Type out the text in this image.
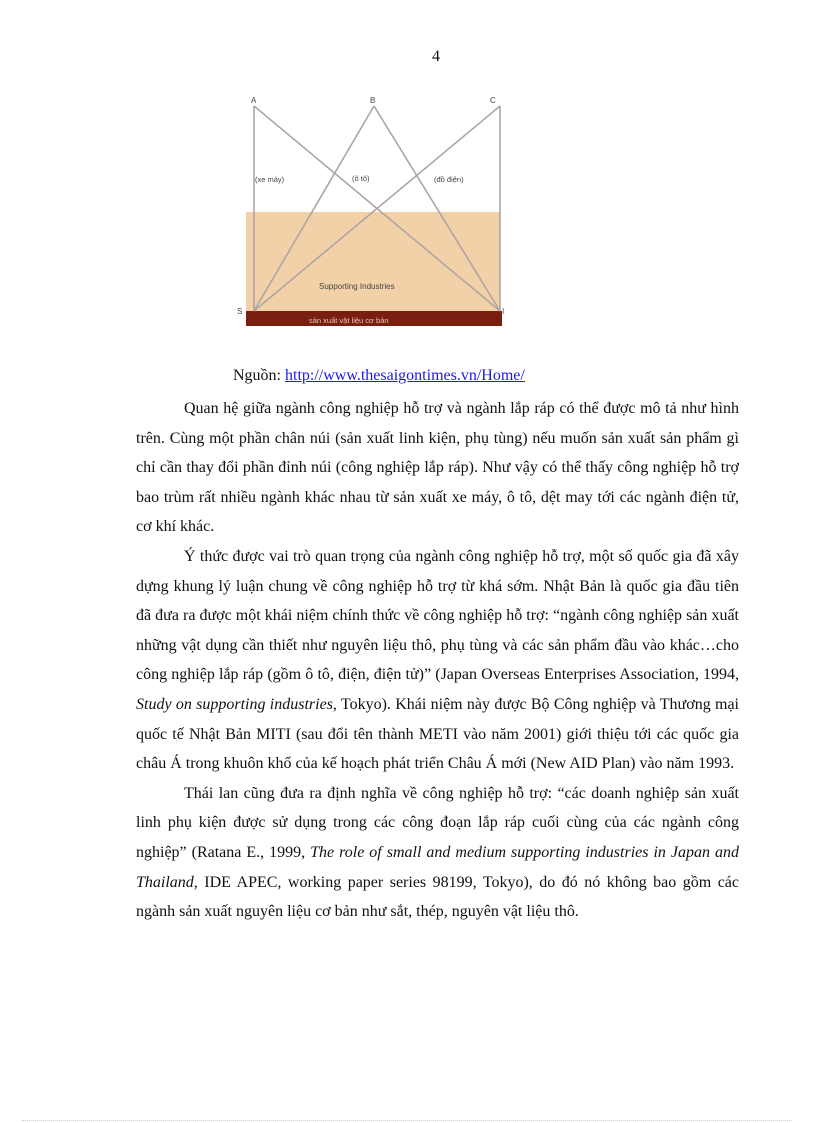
4
A	B	C
S	I
(xe máy)	(ô tô)	(đồ điện)
Supporting Industries
sản xuất vật liệu cơ bản
Nguồn: http://www.thesaigontimes.vn/Home/

Quan hệ giữa ngành công nghiệp hỗ trợ và ngành lắp ráp có thể được mô tả như hình trên. Cùng một phần chân núi (sản xuất linh kiện, phụ tùng) nếu muốn sản xuất sản phẩm gì chỉ cần thay đổi phần đỉnh núi (công nghiệp lắp ráp). Như vậy có thể thấy công nghiệp hỗ trợ bao trùm rất nhiều ngành khác nhau từ sản xuất xe máy, ô tô, dệt may tới các ngành điện tử, cơ khí khác.

Ý thức được vai trò quan trọng của ngành công nghiệp hỗ trợ, một số quốc gia đã xây dựng khung lý luận chung về công nghiệp hỗ trợ từ khá sớm. Nhật Bản là quốc gia đầu tiên đã đưa ra được một khái niệm chính thức về công nghiệp hỗ trợ: “ngành công nghiệp sản xuất những vật dụng cần thiết như nguyên liệu thô, phụ tùng và các sản phẩm đầu vào khác…cho công nghiệp lắp ráp (gồm ô tô, điện, điện tử)” (Japan Overseas Enterprises Association, 1994, Study on supporting industries, Tokyo). Khái niệm này được Bộ Công nghiệp và Thương mại quốc tế Nhật Bản MITI (sau đổi tên thành METI vào năm 2001) giới thiệu tới các quốc gia châu Á trong khuôn khổ của kế hoạch phát triển Châu Á mới (New AID Plan) vào năm 1993.

Thái lan cũng đưa ra định nghĩa về công nghiệp hỗ trợ: “các doanh nghiệp sản xuất linh phụ kiện được sử dụng trong các công đoạn lắp ráp cuối cùng của các ngành công nghiệp” (Ratana E., 1999, The role of small and medium supporting industries in Japan and Thailand, IDE APEC, working paper series 98199, Tokyo), do đó nó không bao gồm các ngành sản xuất nguyên liệu cơ bản như sắt, thép, nguyên vật liệu thô.
